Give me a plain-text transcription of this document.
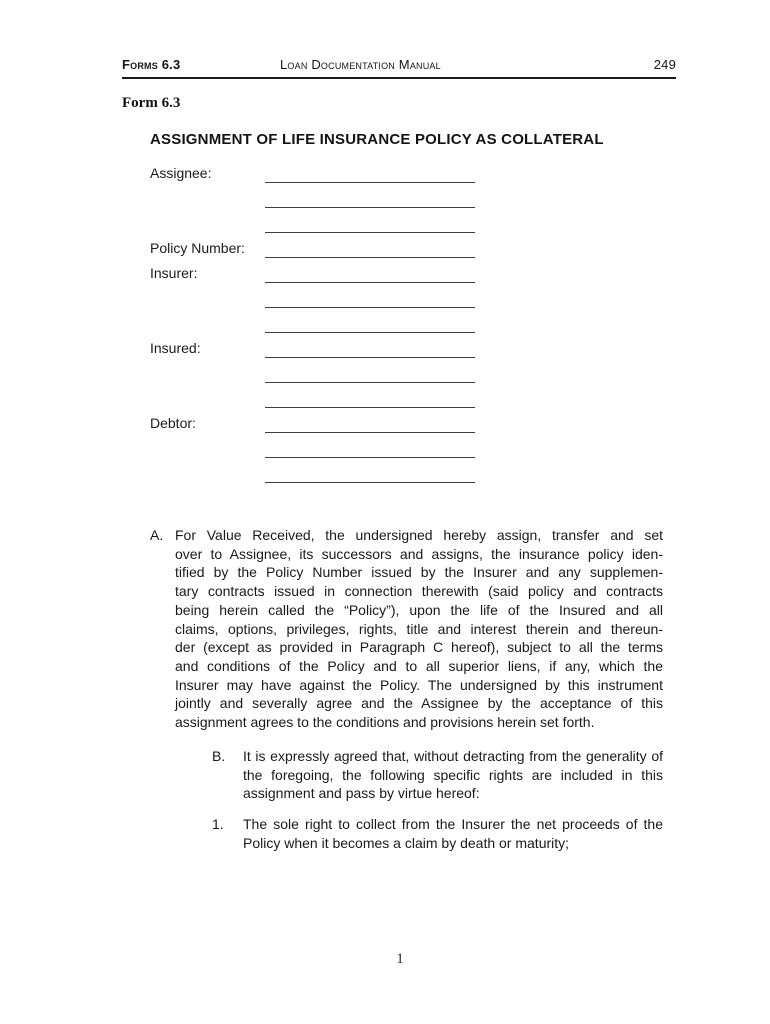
Forms 6.3	Loan Documentation Manual	249
Form 6.3
ASSIGNMENT OF LIFE INSURANCE POLICY AS COLLATERAL
Assignee:
Policy Number:
Insurer:
Insured:
Debtor:
A. For Value Received, the undersigned hereby assign, transfer and set
over to Assignee, its successors and assigns, the insurance policy iden-
tified by the Policy Number issued by the Insurer and any supplemen-
tary contracts issued in connection therewith (said policy and contracts
being herein called the “Policy”), upon the life of the Insured and all
claims, options, privileges, rights, title and interest therein and thereun-
der (except as provided in Paragraph C hereof), subject to all the terms
and conditions of the Policy and to all superior liens, if any, which the
Insurer may have against the Policy. The undersigned by this instrument
jointly and severally agree and the Assignee by the acceptance of this
assignment agrees to the conditions and provisions herein set forth.
B.	It is expressly agreed that, without detracting from the generality of
the foregoing, the following specific rights are included in this
assignment and pass by virtue hereof:
1.	The sole right to collect from the Insurer the net proceeds of the
Policy when it becomes a claim by death or maturity;
1
